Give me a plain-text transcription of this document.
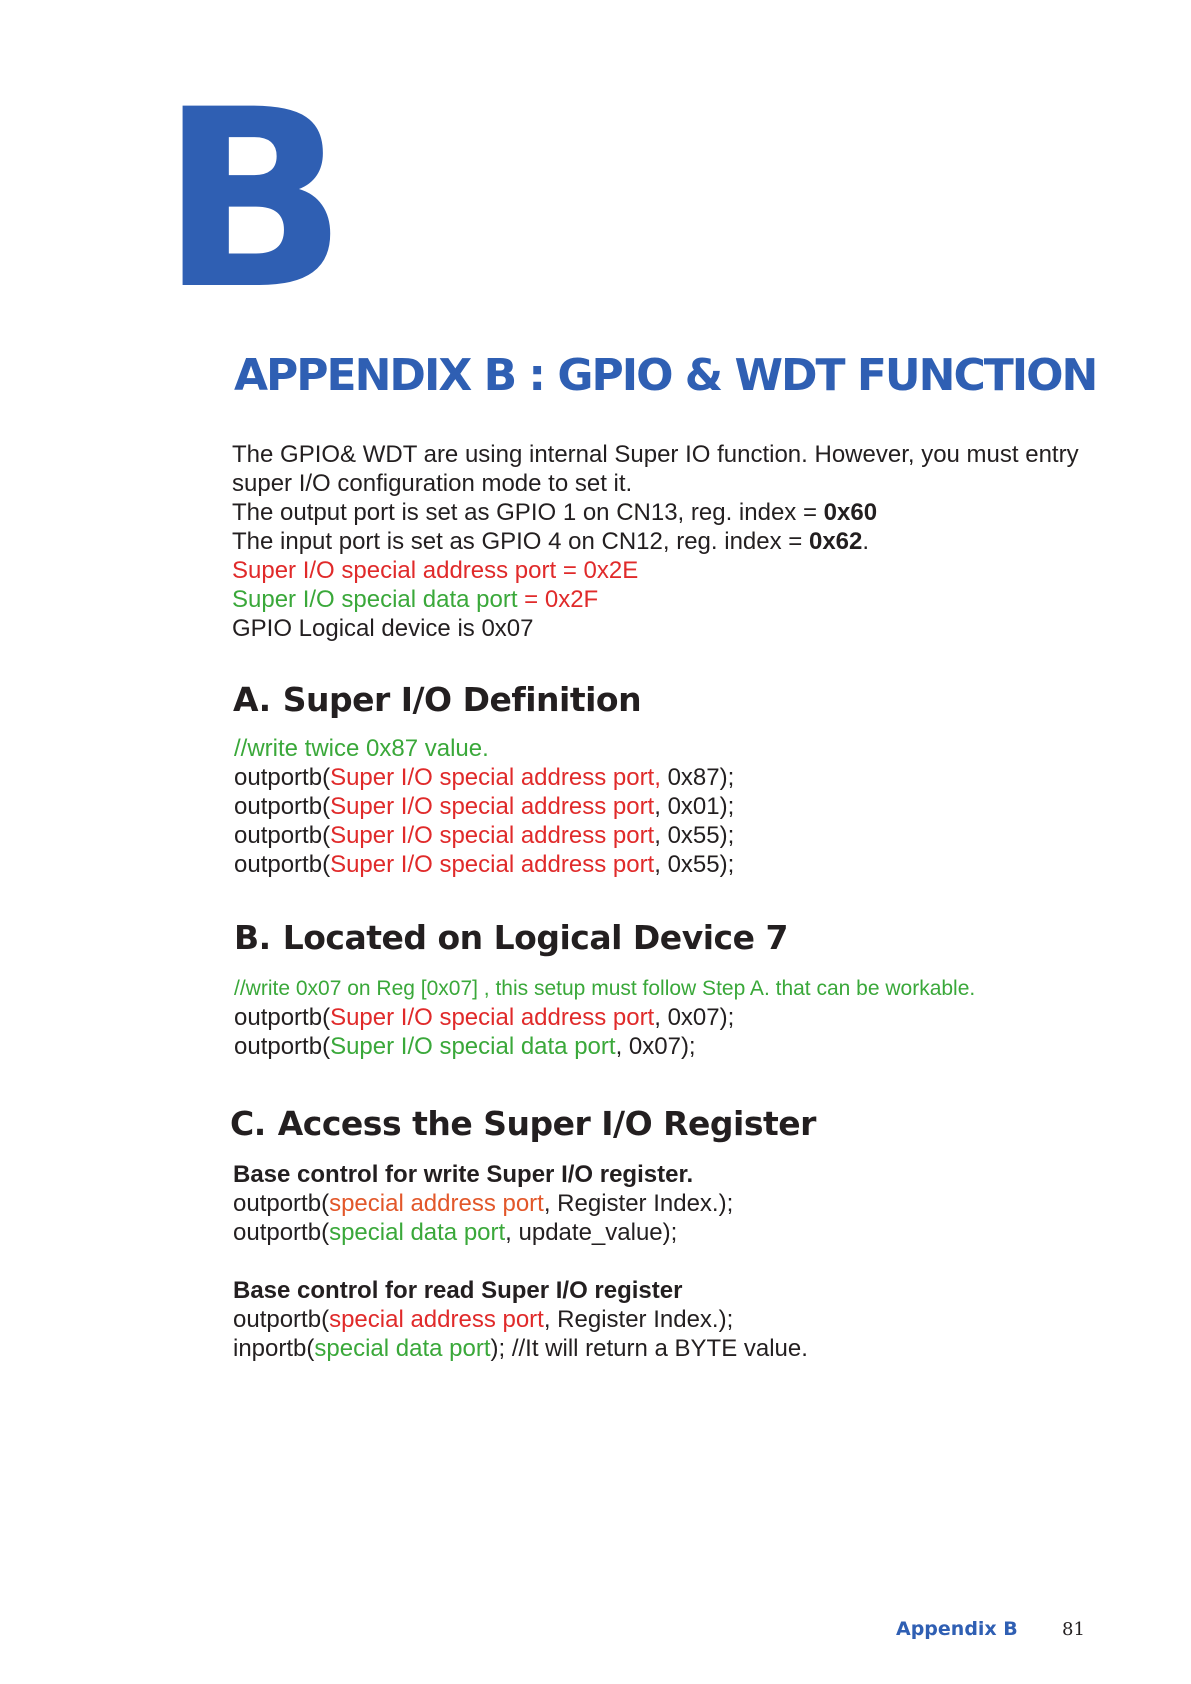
B
APPENDIX B : GPIO & WDT FUNCTION
The GPIO& WDT are using internal Super IO function. However, you must entry
super I/O configuration mode to set it.
The output port is set as GPIO 1 on CN13, reg. index = 0x60
The input port is set as GPIO 4 on CN12, reg. index = 0x62.
Super I/O special address port = 0x2E
Super I/O special data port = 0x2F
GPIO Logical device is 0x07
A. Super I/O Definition
//write twice 0x87 value.
outportb(Super I/O special address port, 0x87);
outportb(Super I/O special address port, 0x01);
outportb(Super I/O special address port, 0x55);
outportb(Super I/O special address port, 0x55);
B. Located on Logical Device 7
//write 0x07 on Reg [0x07] , this setup must follow Step A. that can be workable.
outportb(Super I/O special address port, 0x07);
outportb(Super I/O special data port, 0x07);
C. Access the Super I/O Register
Base control for write Super I/O register.
outportb(special address port, Register Index.);
outportb(special data port, update_value);
Base control for read Super I/O register
outportb(special address port, Register Index.);
inportb(special data port); //It will return a BYTE value.
Appendix B 81
